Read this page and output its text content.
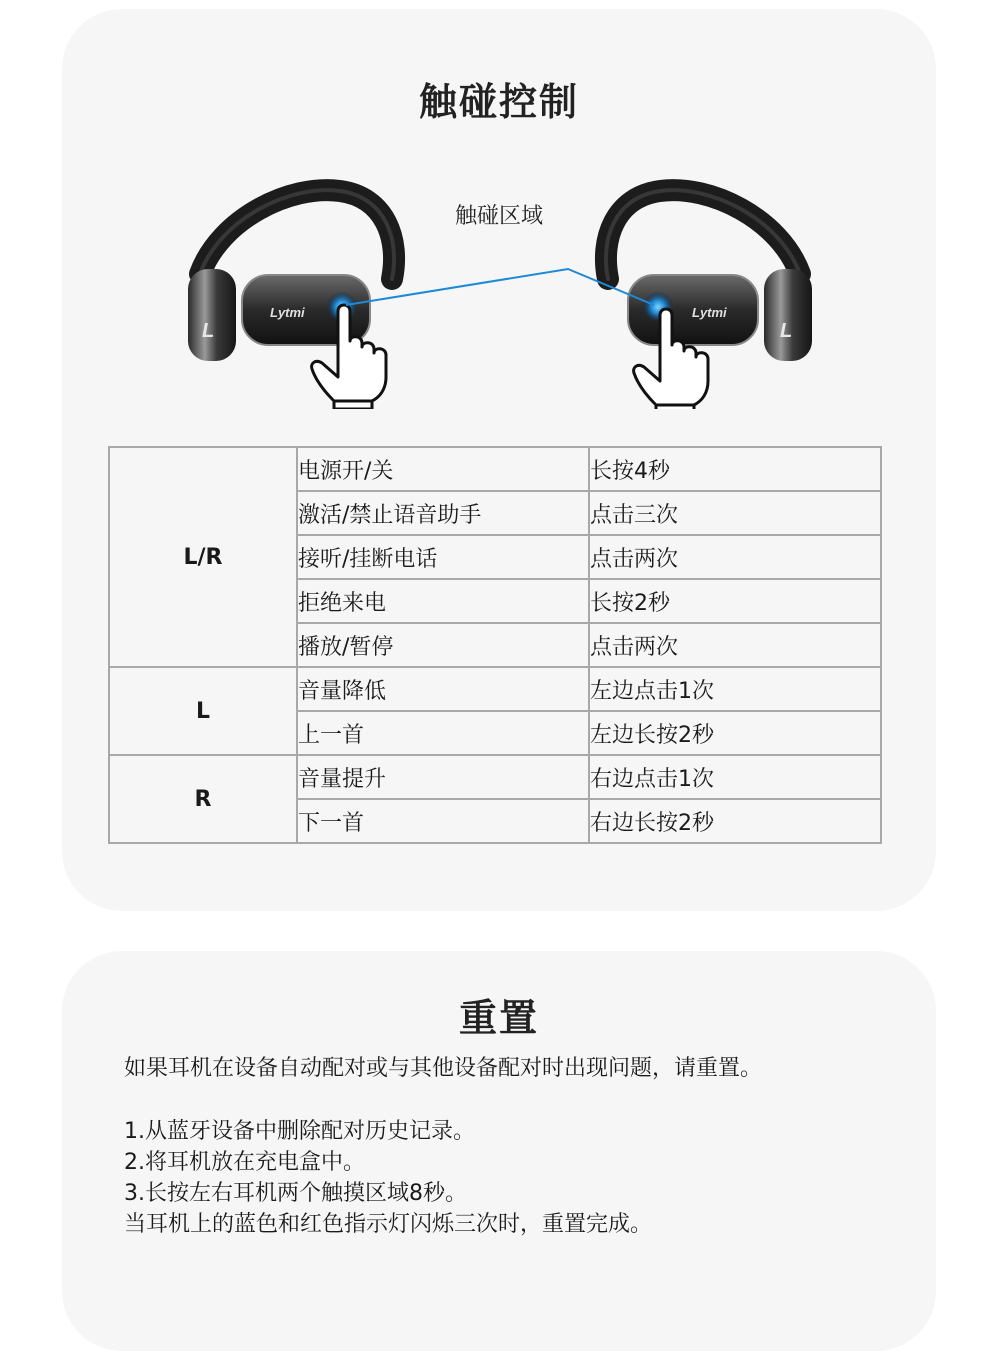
触碰控制
触碰区域
L
Lytmi
L
Lytmi
L/R	电源开/关	长按4秒
	激活/禁止语音助手	点击三次
	接听/挂断电话	点击两次
	拒绝来电	长按2秒
	播放/暂停	点击两次
L	音量降低	左边点击1次
	上一首	左边长按2秒
R	音量提升	右边点击1次
	下一首	右边长按2秒
重置

如果耳机在设备自动配对或与其他设备配对时出现问题，请重置。

1.从蓝牙设备中删除配对历史记录。

2.将耳机放在充电盒中。

3.长按左右耳机两个触摸区域8秒。

当耳机上的蓝色和红色指示灯闪烁三次时，重置完成。
